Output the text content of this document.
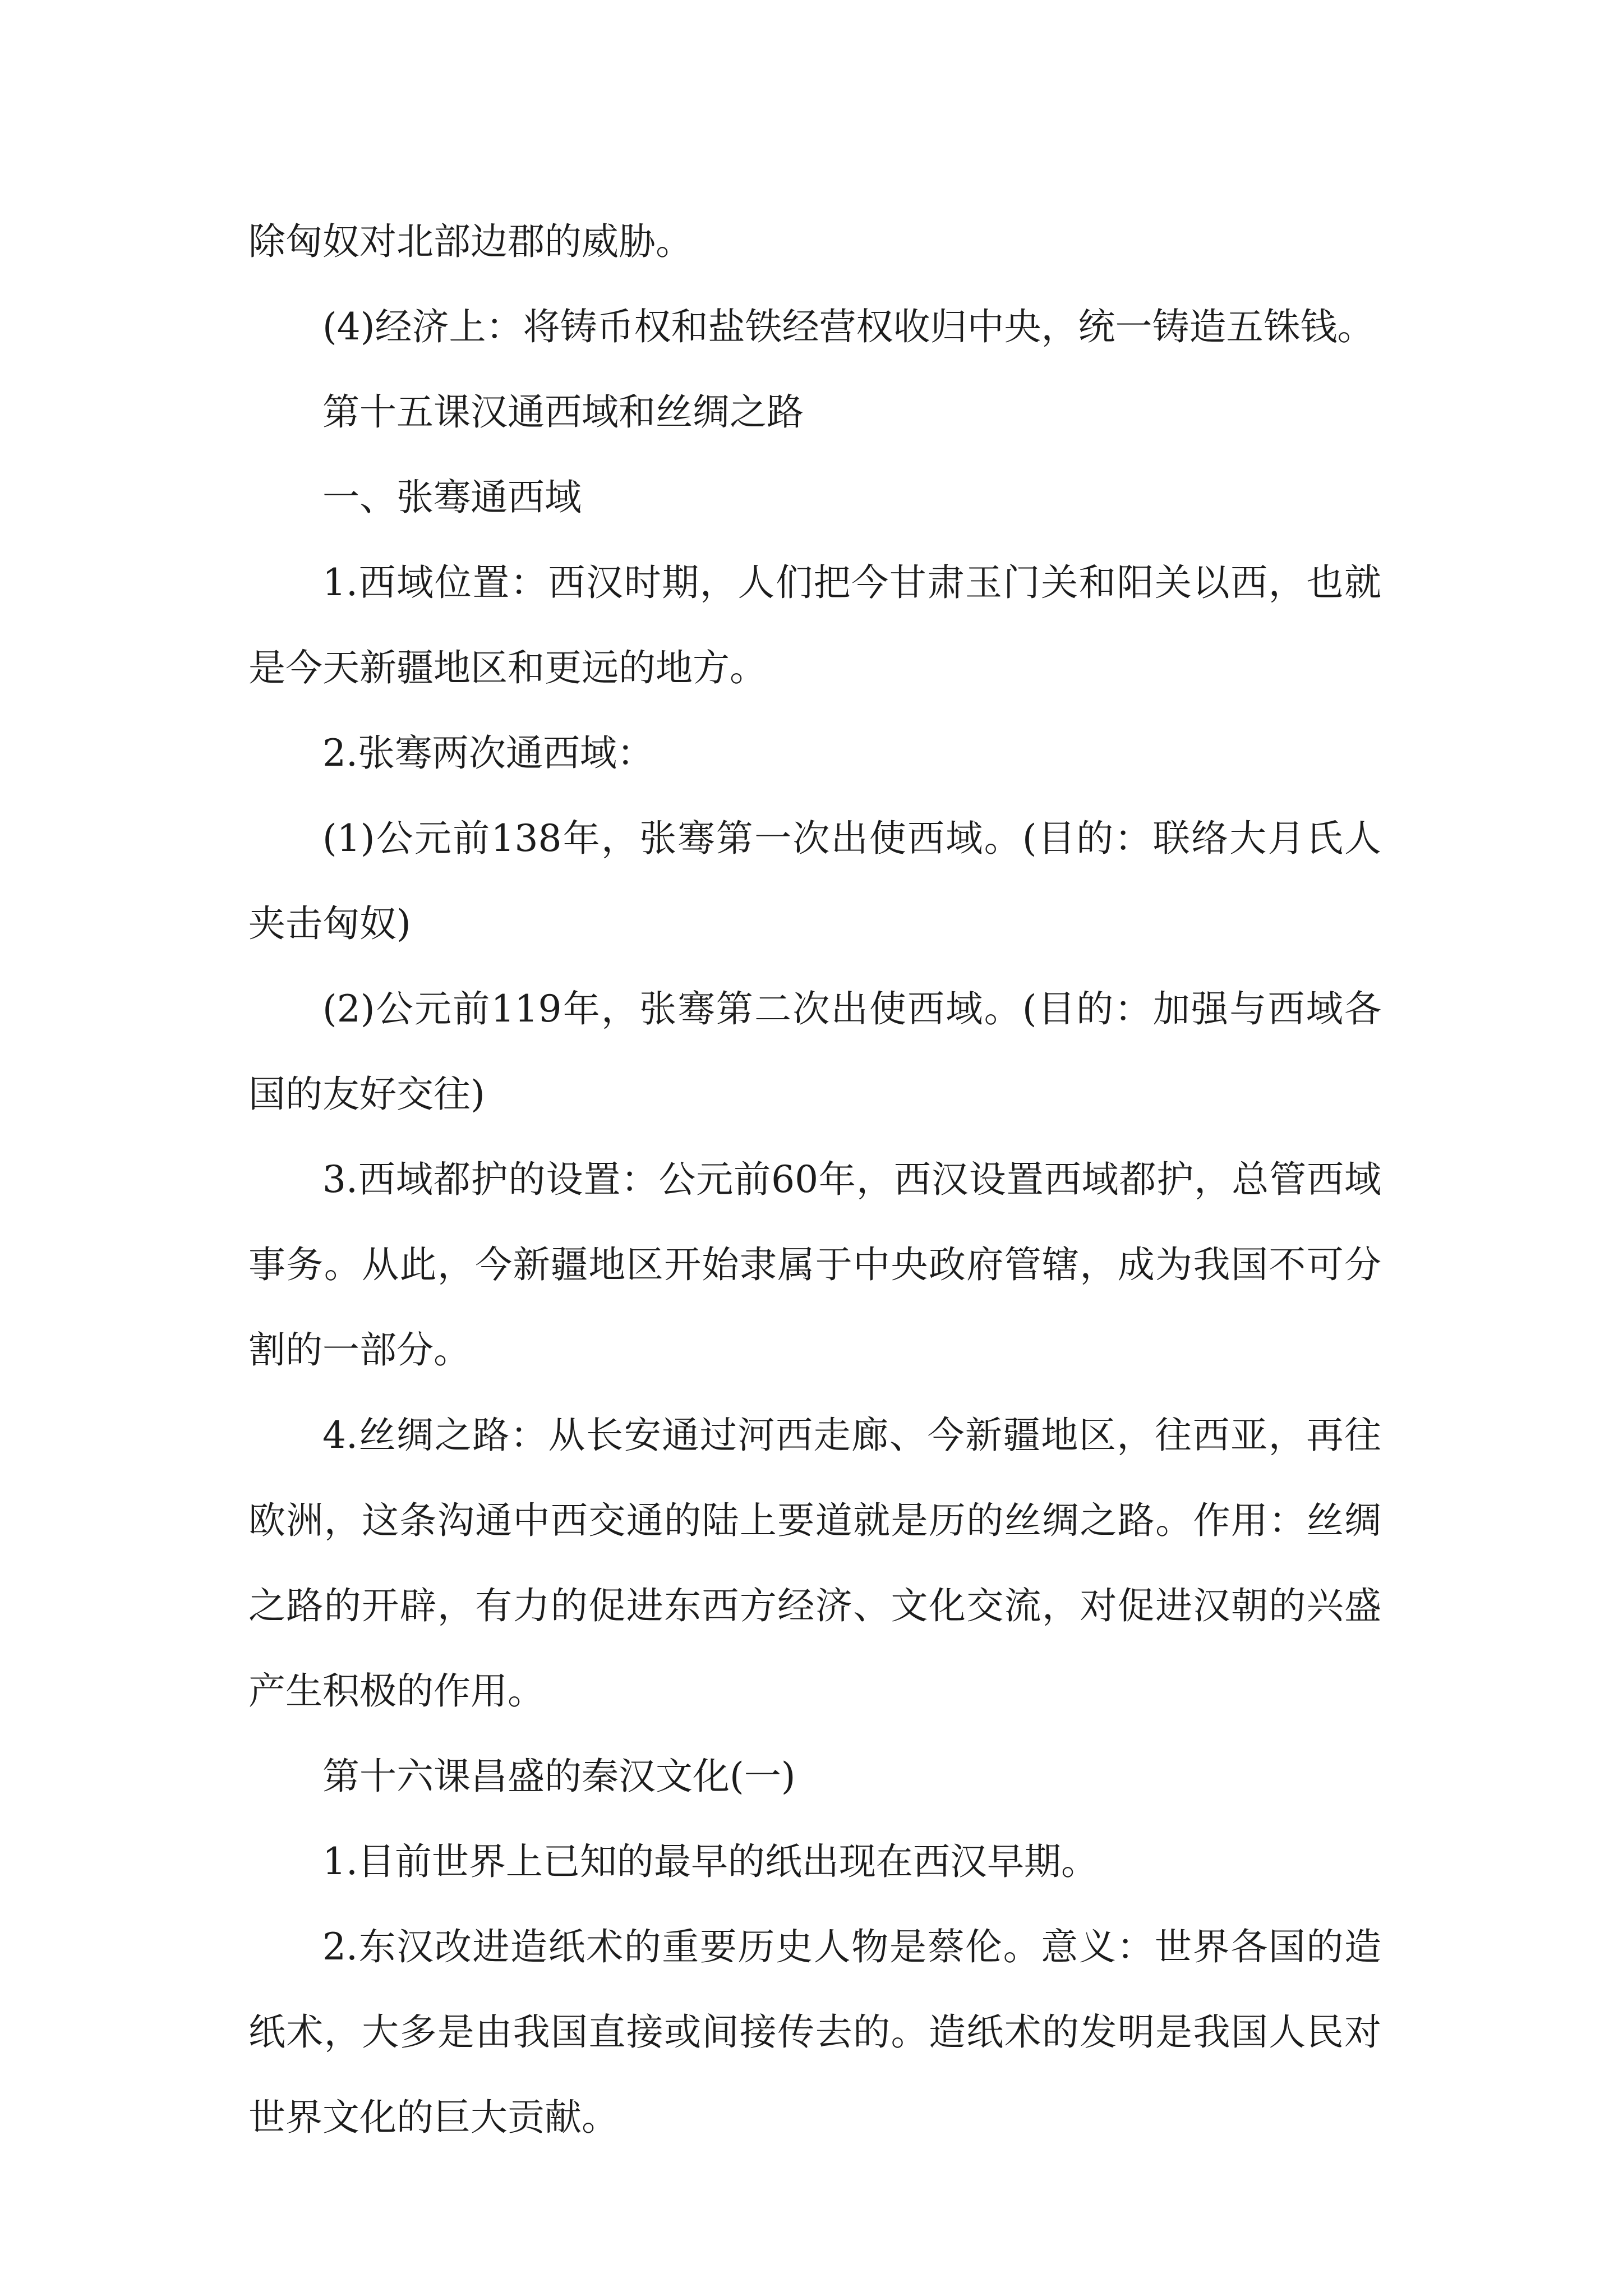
除匈奴对北部边郡的威胁。

(4)经济上：将铸币权和盐铁经营权收归中央，统一铸造五铢钱。

第十五课汉通西域和丝绸之路

一、张骞通西域

1.西域位置：西汉时期，人们把今甘肃玉门关和阳关以西，也就是今天新疆地区和更远的地方。

2.张骞两次通西域：

(1)公元前138年，张骞第一次出使西域。(目的：联络大月氏人夹击匈奴)

(2)公元前119年，张骞第二次出使西域。(目的：加强与西域各国的友好交往)

3.西域都护的设置：公元前60年，西汉设置西域都护，总管西域事务。从此，今新疆地区开始隶属于中央政府管辖，成为我国不可分割的一部分。

4.丝绸之路：从长安通过河西走廊、今新疆地区，往西亚，再往欧洲，这条沟通中西交通的陆上要道就是历的丝绸之路。作用：丝绸之路的开辟，有力的促进东西方经济、文化交流，对促进汉朝的兴盛产生积极的作用。

第十六课昌盛的秦汉文化(一)

1.目前世界上已知的最早的纸出现在西汉早期。

2.东汉改进造纸术的重要历史人物是蔡伦。意义：世界各国的造纸术，大多是由我国直接或间接传去的。造纸术的发明是我国人民对世界文化的巨大贡献。
